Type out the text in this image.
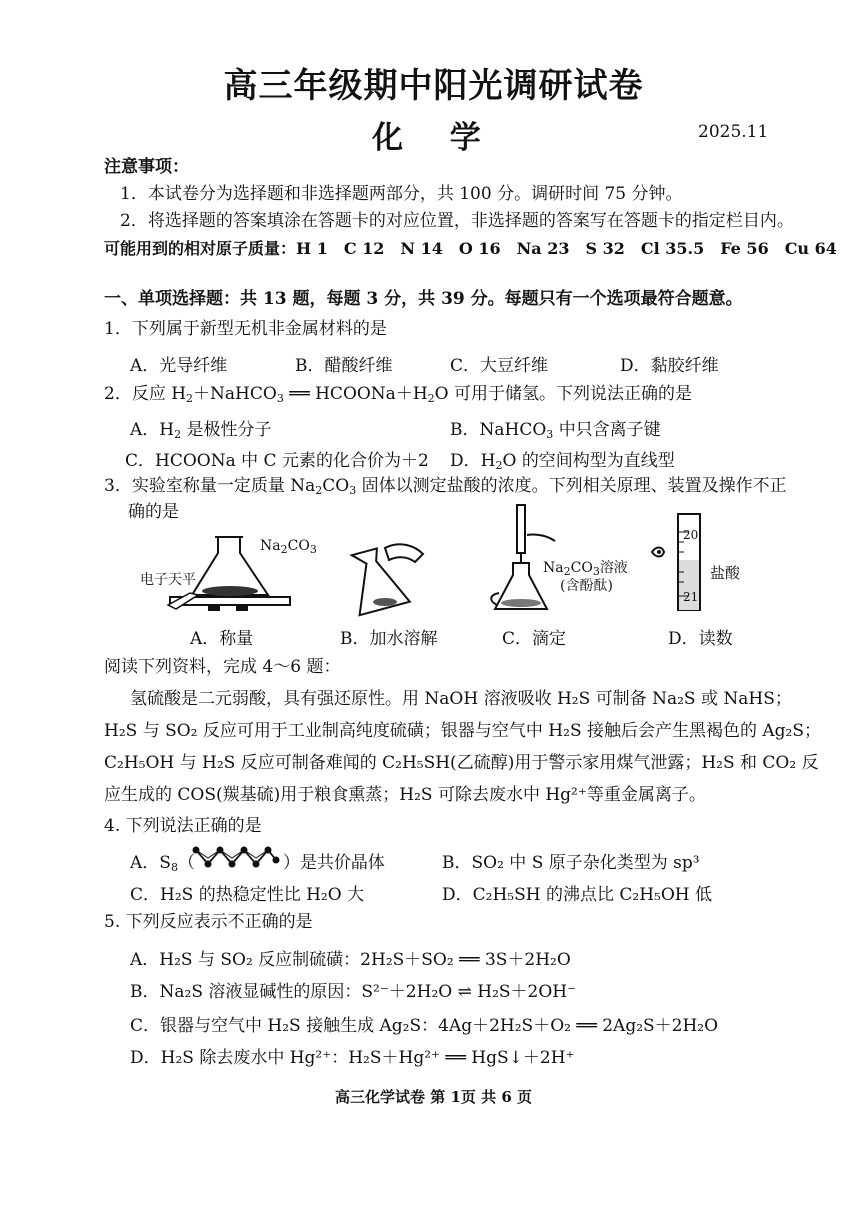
高三年级期中阳光调研试卷
化 学	2025.11
注意事项：
1．本试卷分为选择题和非选择题两部分，共 100 分。调研时间 75 分钟。
2．将选择题的答案填涂在答题卡的对应位置，非选择题的答案写在答题卡的指定栏目内。
可能用到的相对原子质量：H 1　C 12　N 14　O 16　Na 23　S 32　Cl 35.5　Fe 56　Cu 64
一、单项选择题：共 13 题，每题 3 分，共 39 分。每题只有一个选项最符合题意。
1．下列属于新型无机非金属材料的是
A．光导纤维	B．醋酸纤维	C．大豆纤维	D．黏胶纤维
2．反应 $H_2+NaHCO_3$ ══ $HCOONa+H_2O$ 可用于储氢。下列说法正确的是
A．$H_2$ 是极性分子	B．NaHCO$_3$ 中只含离子键
C．HCOONa 中 C 元素的化合价为＋2 D．$H_2O$ 的空间构型为直线型
3．实验室称量一定质量 $Na_2CO_3$ 固体以测定盐酸的浓度。下列相关原理、装置及操作不正
确的是
电子天平
$Na_2CO_3$
$Na_2CO_3$溶液
(含酚酞)
20
21
盐酸
A．称量	B．加水溶解	C．滴定	D．读数
阅读下列资料，完成 4～6 题：
氢硫酸是二元弱酸，具有强还原性。用 NaOH 溶液吸收 H₂S 可制备 Na₂S 或 NaHS；
H₂S 与 SO₂ 反应可用于工业制高纯度硫磺；银器与空气中 H₂S 接触后会产生黑褐色的 Ag₂S；
C₂H₅OH 与 H₂S 反应可制备难闻的 C₂H₅SH(乙硫醇)用于警示家用煤气泄露；H₂S 和 CO₂ 反
应生成的 COS(羰基硫)用于粮食熏蒸；H₂S 可除去废水中 Hg²⁺等重金属离子。
4. 下列说法正确的是
A．$S_8$（	）是共价晶体	B．SO₂ 中 S 原子杂化类型为 sp³
C．H₂S 的热稳定性比 H₂O 大	D．C₂H₅SH 的沸点比 C₂H₅OH 低
5. 下列反应表示不正确的是
A．H₂S 与 SO₂ 反应制硫磺：2H₂S＋SO₂ ══ 3S＋2H₂O
B．Na₂S 溶液显碱性的原因：S²⁻＋2H₂O ⇌ H₂S＋2OH⁻
C．银器与空气中 H₂S 接触生成 Ag₂S：4Ag＋2H₂S＋O₂ ══ 2Ag₂S＋2H₂O
D．H₂S 除去废水中 Hg²⁺：H₂S＋Hg²⁺ ══ HgS↓＋2H⁺
高三化学试卷 第 1页 共 6 页
